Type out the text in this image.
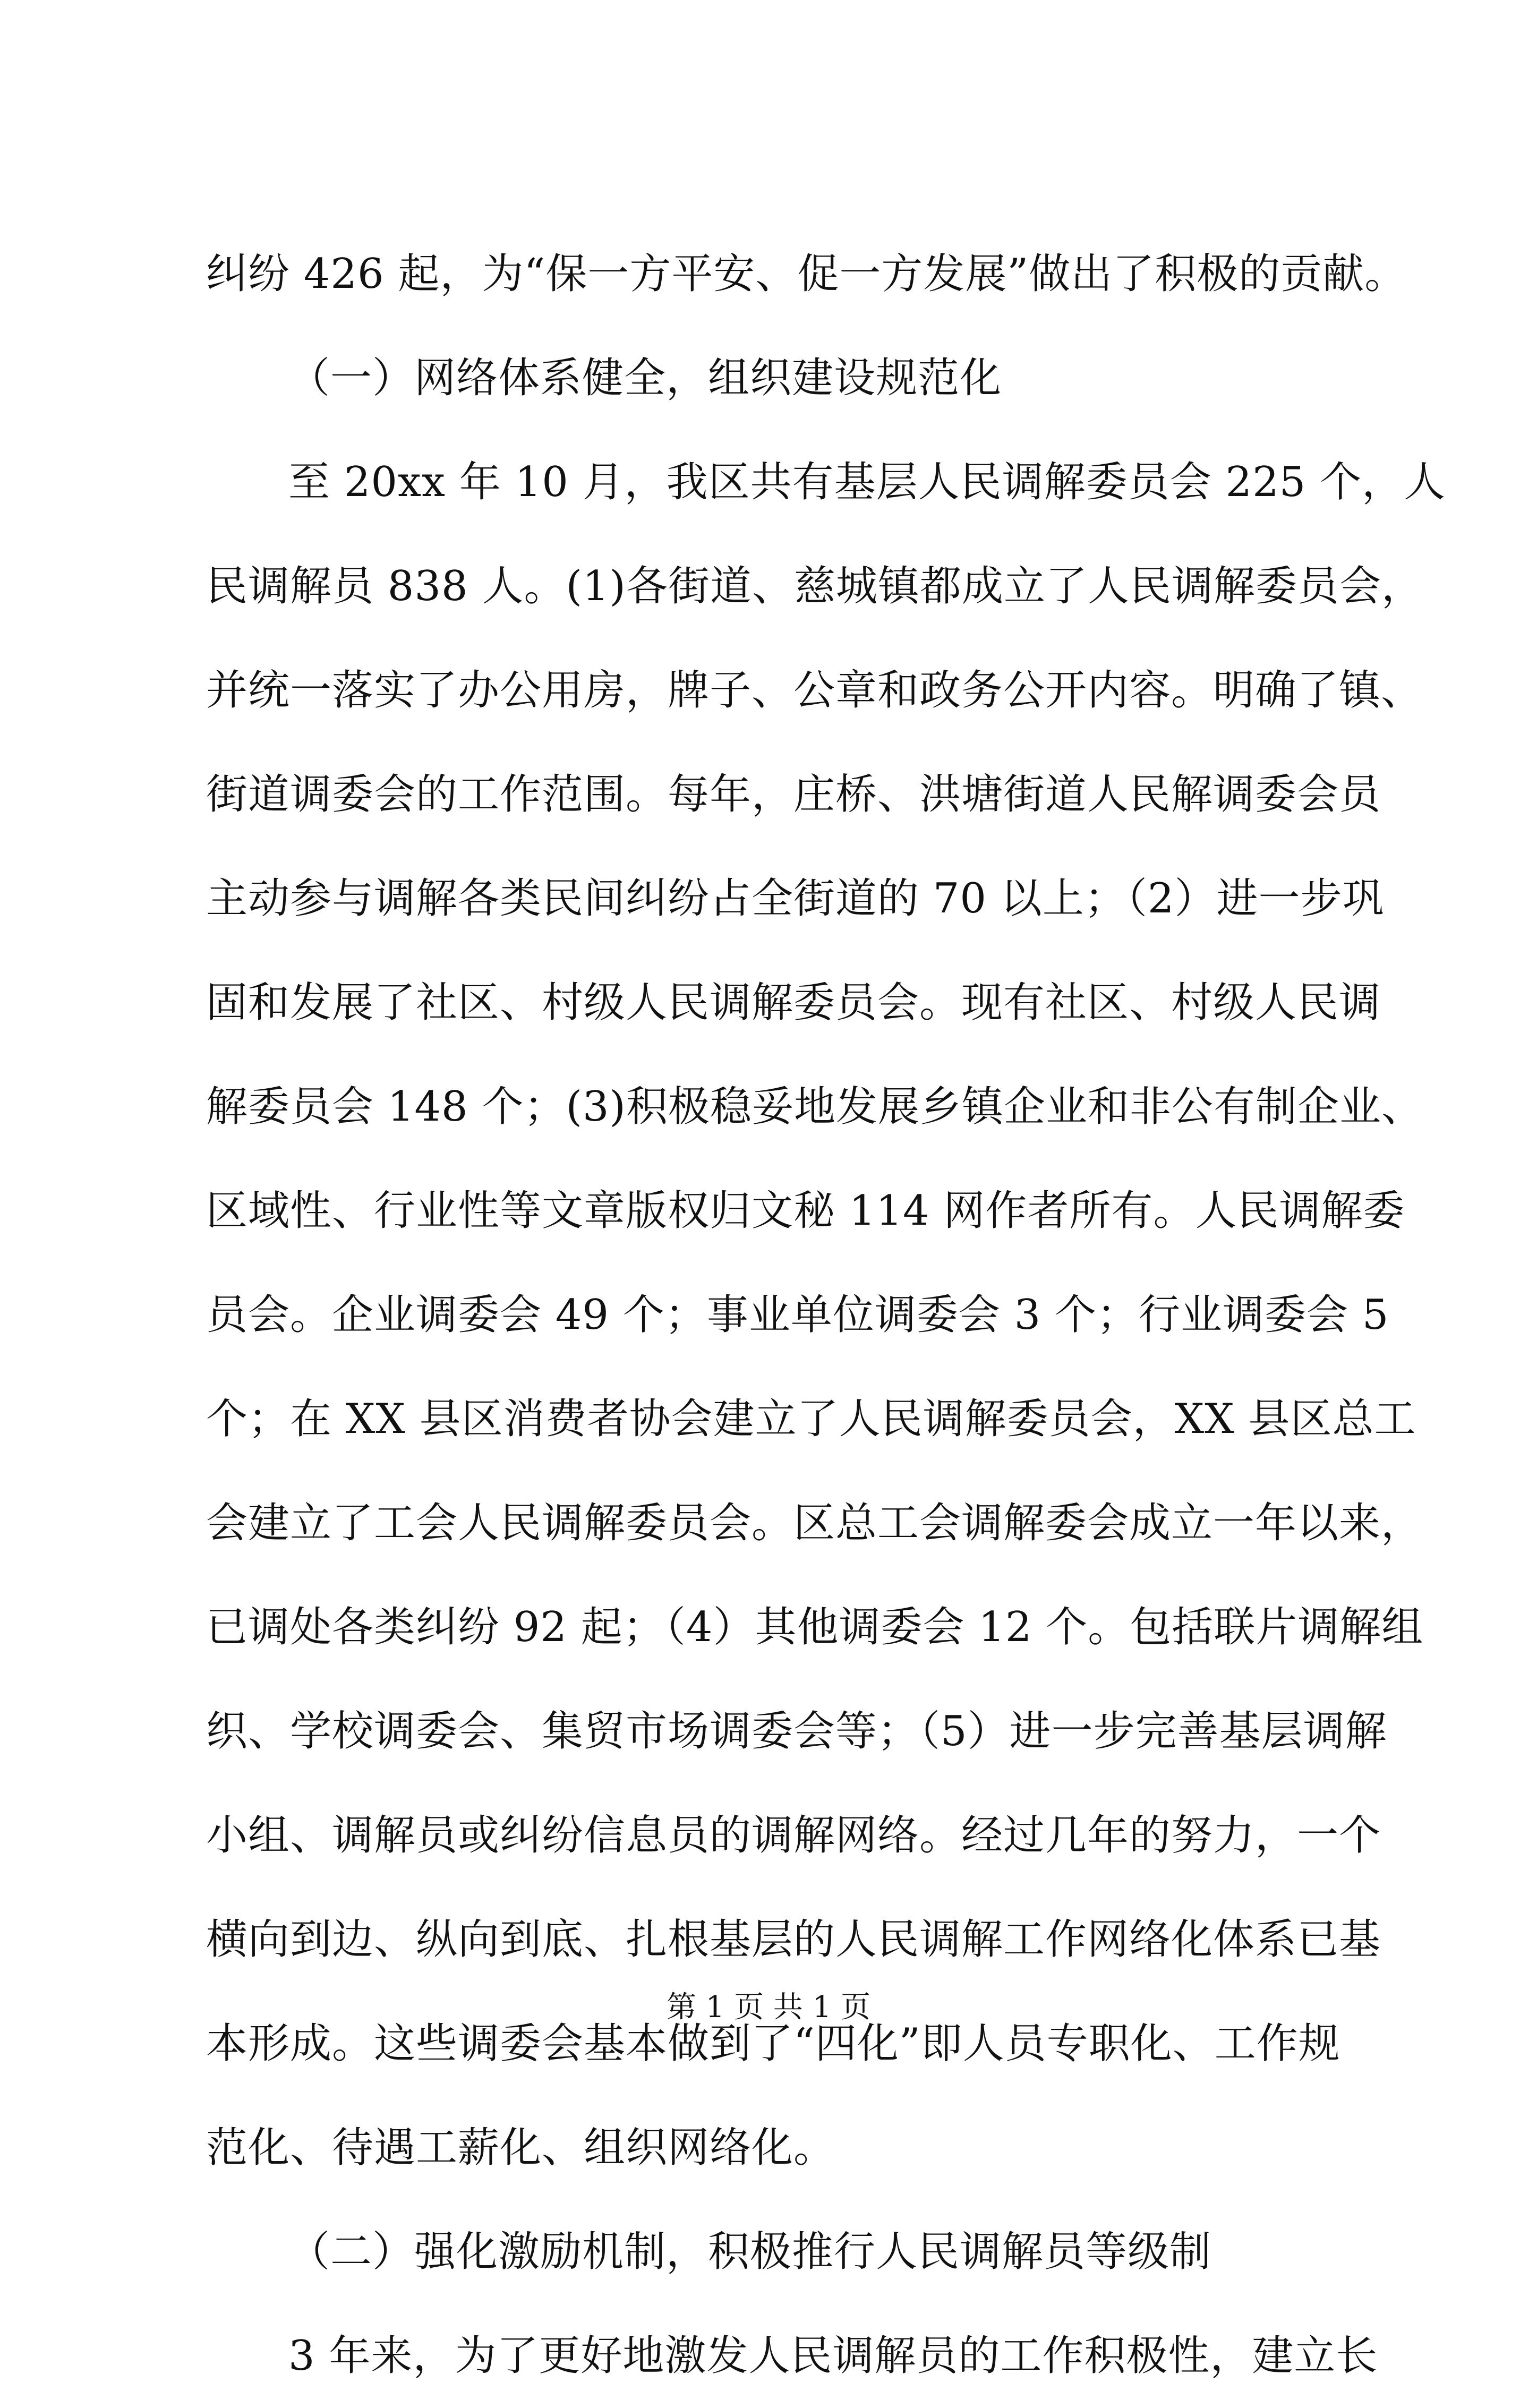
纠纷 426 起，为“保一方平安、促一方发展”做出了积极的贡献。
（一）网络体系健全，组织建设规范化
至 20xx 年 10 月，我区共有基层人民调解委员会 225 个，人
民调解员 838 人。(1)各街道、慈城镇都成立了人民调解委员会，
并统一落实了办公用房，牌子、公章和政务公开内容。明确了镇、
街道调委会的工作范围。每年，庄桥、洪塘街道人民解调委会员
主动参与调解各类民间纠纷占全街道的 70 以上；（2）进一步巩
固和发展了社区、村级人民调解委员会。现有社区、村级人民调
解委员会 148 个；(3)积极稳妥地发展乡镇企业和非公有制企业、
区域性、行业性等文章版权归文秘 114 网作者所有。人民调解委
员会。企业调委会 49 个；事业单位调委会 3 个；行业调委会 5
个；在 XX 县区消费者协会建立了人民调解委员会，XX 县区总工
会建立了工会人民调解委员会。区总工会调解委会成立一年以来，
已调处各类纠纷 92 起；（4）其他调委会 12 个。包括联片调解组
织、学校调委会、集贸市场调委会等；（5）进一步完善基层调解
小组、调解员或纠纷信息员的调解网络。经过几年的努力，一个
横向到边、纵向到底、扎根基层的人民调解工作网络化体系已基
本形成。这些调委会基本做到了“四化”即人员专职化、工作规
范化、待遇工薪化、组织网络化。
（二）强化激励机制，积极推行人民调解员等级制
3 年来，为了更好地激发人民调解员的工作积极性，建立长
第 1 页 共 1 页
